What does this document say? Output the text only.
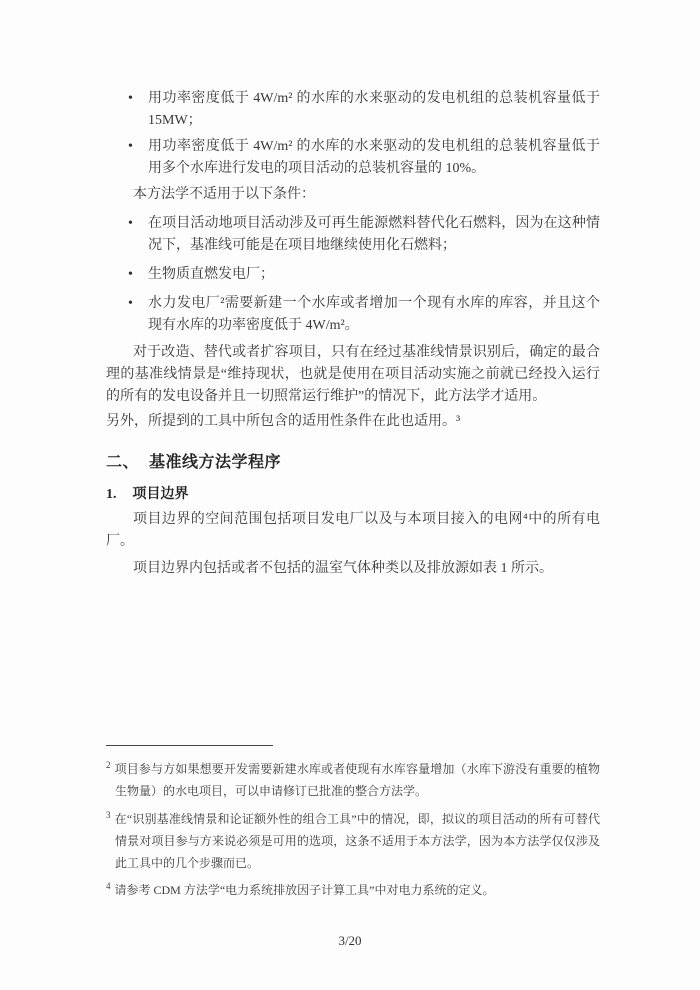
• 用功率密度低于 4W/m² 的水库的水来驱动的发电机组的总装机容量低于15MW；
• 用功率密度低于 4W/m² 的水库的水来驱动的发电机组的总装机容量低于用多个水库进行发电的项目活动的总装机容量的 10%。

本方法学不适用于以下条件：

• 在项目活动地项目活动涉及可再生能源燃料替代化石燃料，因为在这种情况下，基准线可能是在项目地继续使用化石燃料；
• 生物质直燃发电厂；
• 水力发电厂²需要新建一个水库或者增加一个现有水库的库容，并且这个现有水库的功率密度低于 4W/m²。

对于改造、替代或者扩容项目，只有在经过基准线情景识别后，确定的最合理的基准线情景是“维持现状，也就是使用在项目活动实施之前就已经投入运行的所有的发电设备并且一切照常运行维护”的情况下，此方法学才适用。

另外，所提到的工具中所包含的适用性条件在此也适用。³

二、 基准线方法学程序
1. 项目边界

项目边界的空间范围包括项目发电厂以及与本项目接入的电网⁴中的所有电厂。

项目边界内包括或者不包括的温室气体种类以及排放源如表 1 所示。

$^2$ 项目参与方如果想要开发需要新建水库或者使现有水库容量增加（水库下游没有重要的植物生物量）的水电项目，可以申请修订已批准的整合方法学。
$^3$ 在“识别基准线情景和论证额外性的组合工具”中的情况，即，拟议的项目活动的所有可替代情景对项目参与方来说必须是可用的选项，这条不适用于本方法学，因为本方法学仅仅涉及此工具中的几个步骤而已。
$^4$ 请参考 CDM 方法学“电力系统排放因子计算工具”中对电力系统的定义。
3/20
